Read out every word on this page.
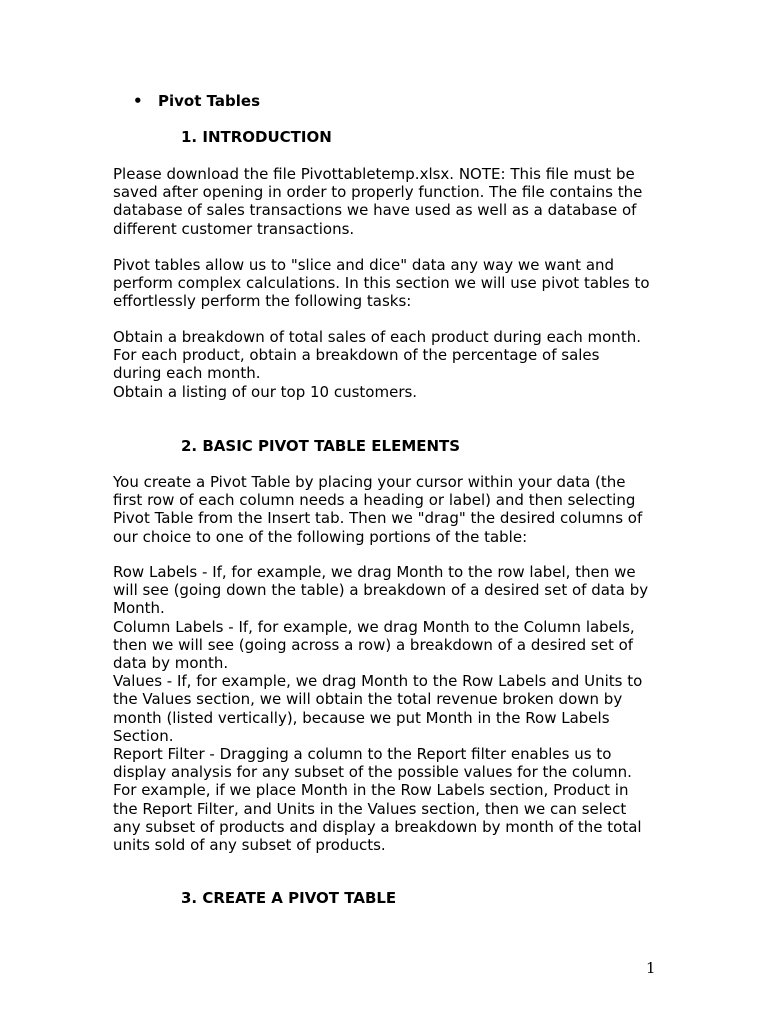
• Pivot Tables
1. INTRODUCTION
Please download the file Pivottabletemp.xlsx. NOTE: This file must be
saved after opening in order to properly function. The file contains the
database of sales transactions we have used as well as a database of
different customer transactions.
Pivot tables allow us to "slice and dice" data any way we want and
perform complex calculations. In this section we will use pivot tables to
effortlessly perform the following tasks:
Obtain a breakdown of total sales of each product during each month.
For each product, obtain a breakdown of the percentage of sales
during each month.
Obtain a listing of our top 10 customers.
2. BASIC PIVOT TABLE ELEMENTS
You create a Pivot Table by placing your cursor within your data (the
first row of each column needs a heading or label) and then selecting
Pivot Table from the Insert tab. Then we "drag" the desired columns of
our choice to one of the following portions of the table:
Row Labels - If, for example, we drag Month to the row label, then we
will see (going down the table) a breakdown of a desired set of data by
Month.
Column Labels - If, for example, we drag Month to the Column labels,
then we will see (going across a row) a breakdown of a desired set of
data by month.
Values - If, for example, we drag Month to the Row Labels and Units to
the Values section, we will obtain the total revenue broken down by
month (listed vertically), because we put Month in the Row Labels
Section.
Report Filter - Dragging a column to the Report filter enables us to
display analysis for any subset of the possible values for the column.
For example, if we place Month in the Row Labels section, Product in
the Report Filter, and Units in the Values section, then we can select
any subset of products and display a breakdown by month of the total
units sold of any subset of products.
3. CREATE A PIVOT TABLE
1
